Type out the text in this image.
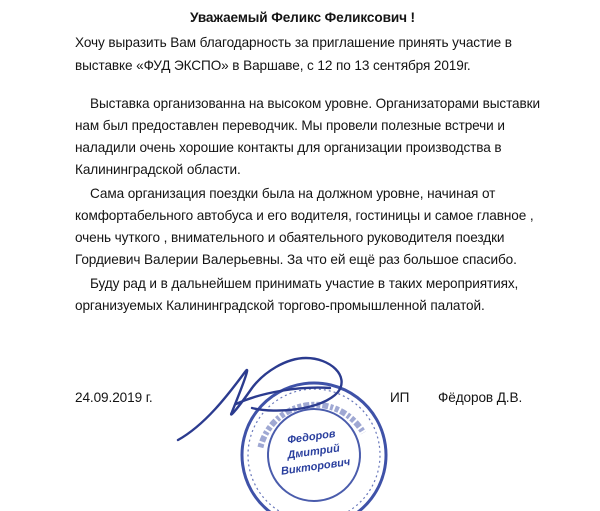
Уважаемый Феликс Феликсович !
Хочу выразить Вам благодарность за приглашение принять участие в
выставке «ФУД ЭКСПО» в Варшаве, с 12 по 13 сентября 2019г.
Выставка организованна на высоком уровне. Организаторами выставки
нам был предоставлен переводчик. Мы провели полезные встречи и
наладили очень хорошие контакты для организации производства в
Калининградской области.
Сама организация поездки была на должном уровне, начиная от
комфортабельного автобуса и его водителя, гостиницы и самое главное ,
очень чуткого , внимательного и обаятельного руководителя поездки
Гордиевич Валерии Валерьевны. За что ей ещё раз большое спасибо.
Буду рад и в дальнейшем принимать участие в таких мероприятиях,
организуемых Калининградской торгово-промышленной палатой.
24.09.2019 г.	ИП Фёдоров Д.В.
Федоров
Дмитрий
Викторович
